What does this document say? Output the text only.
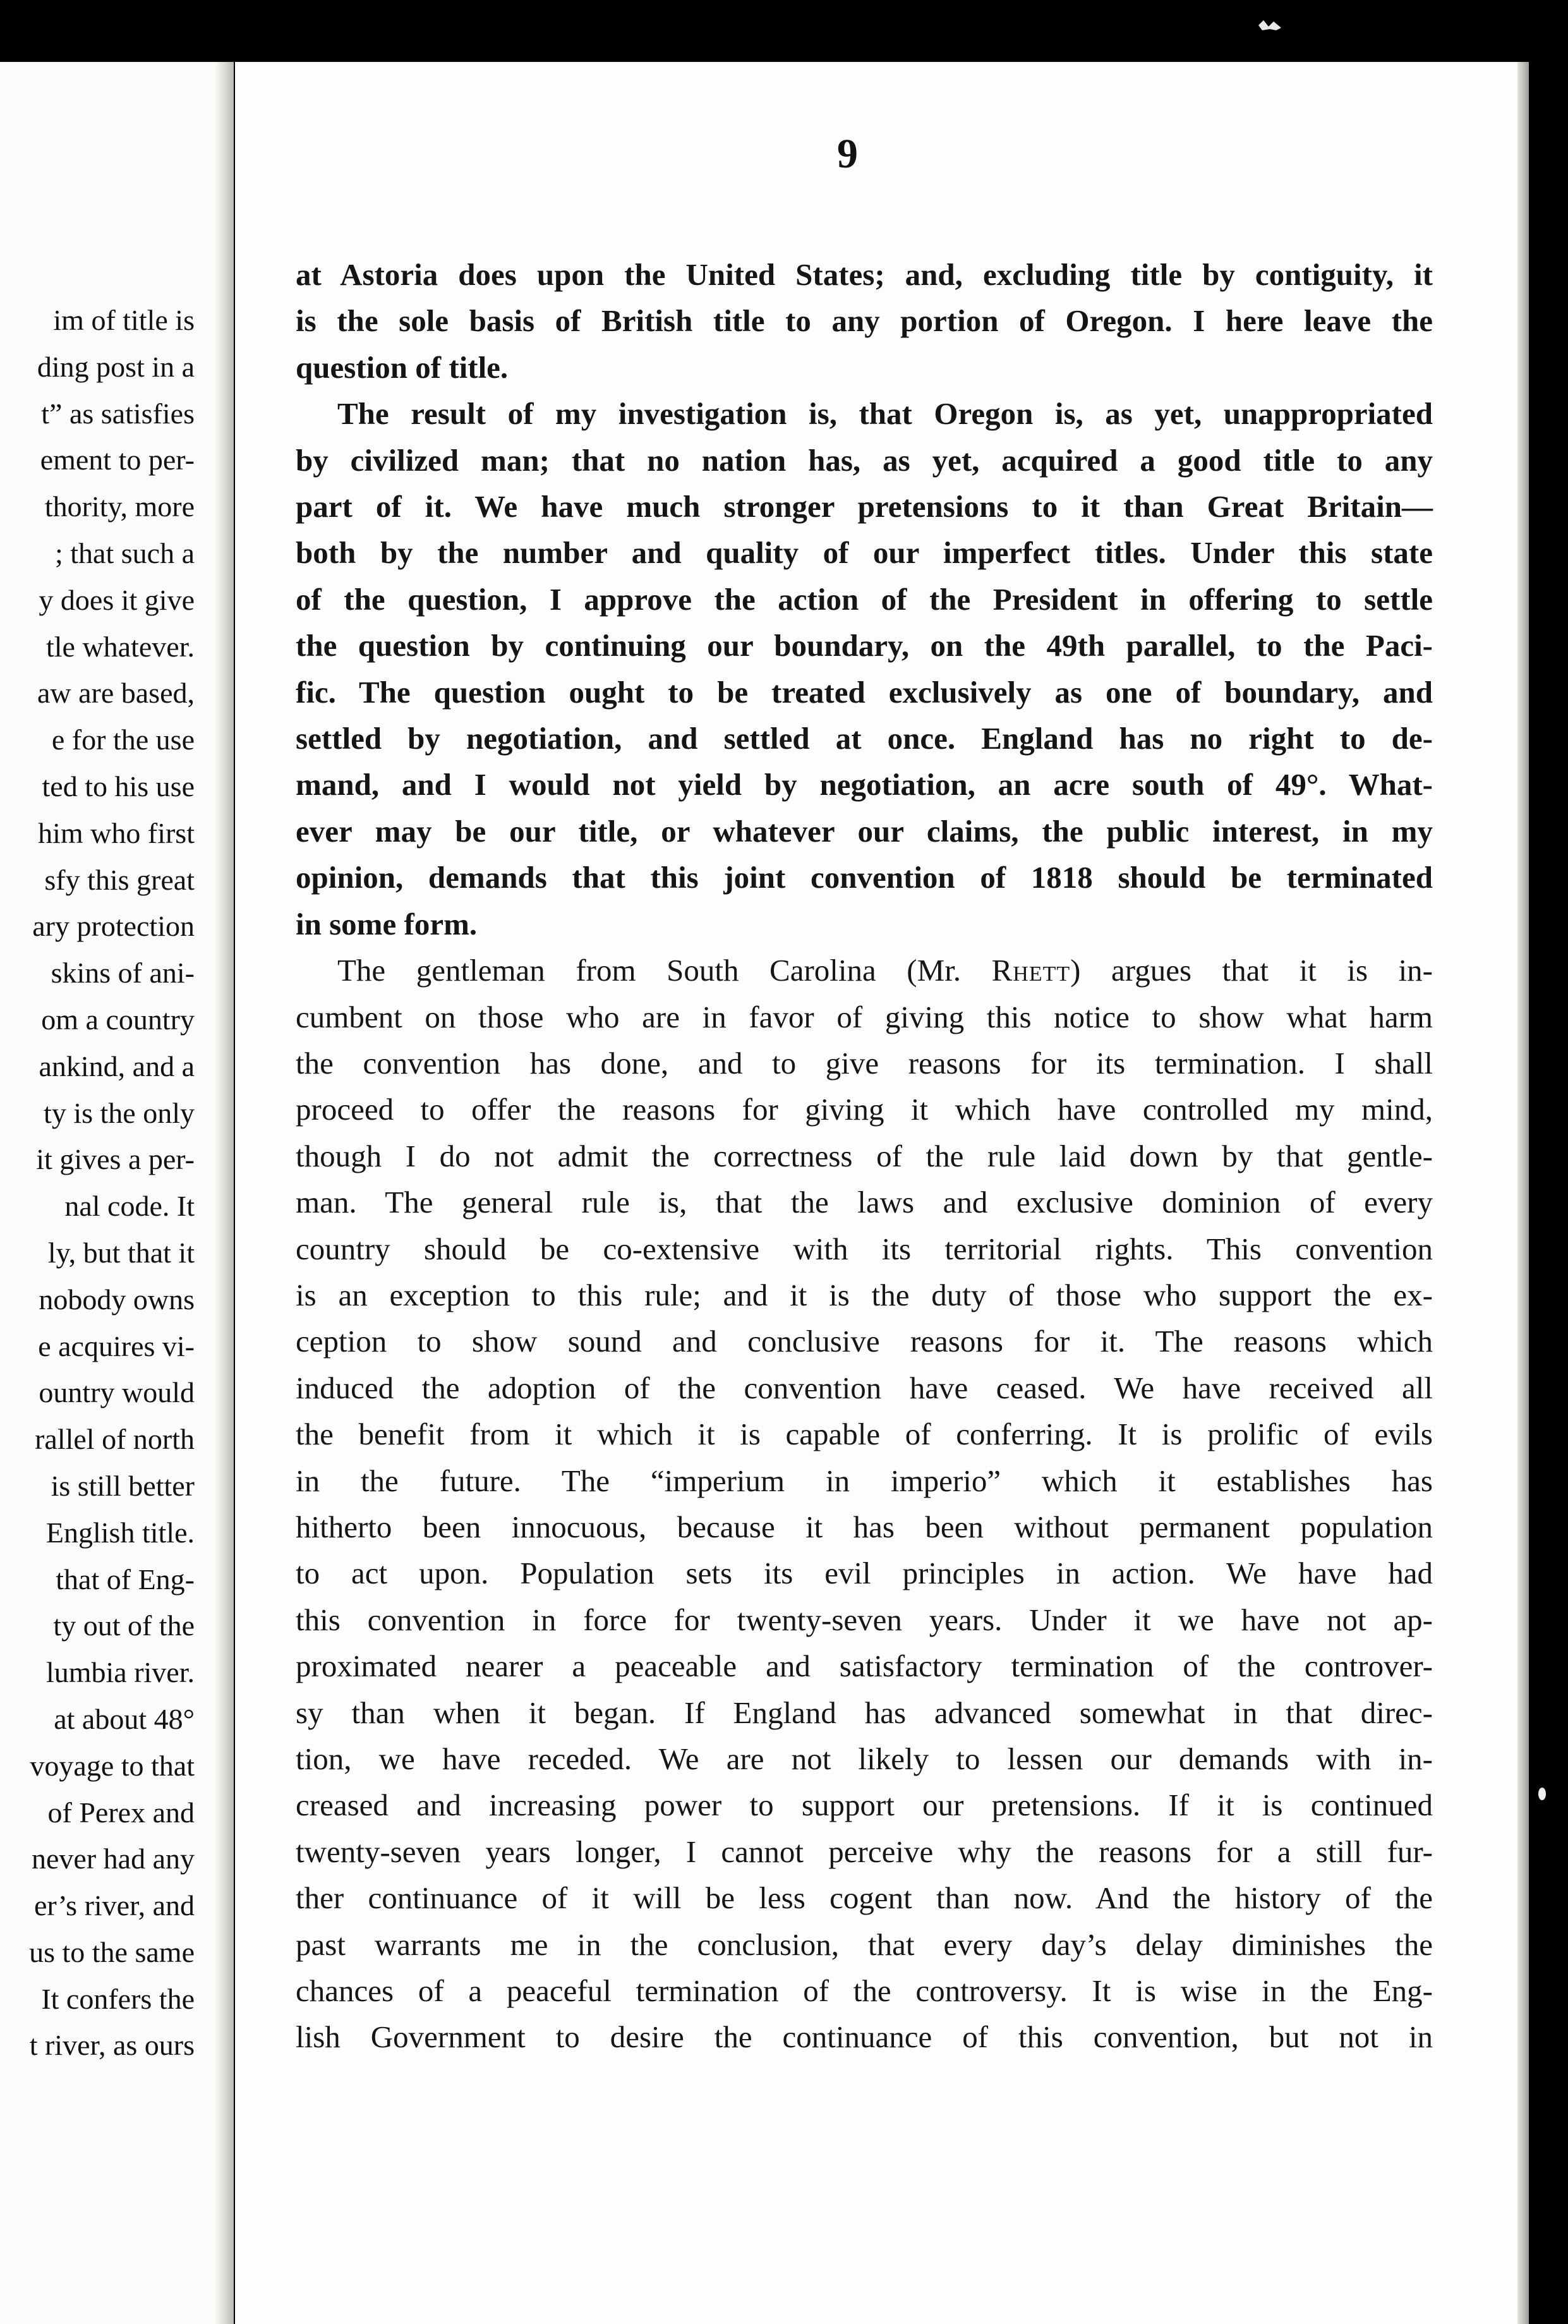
im of title is
ding post in a
t” as satisfies
ement to per-
thority, more
; that such a
y does it give
tle whatever.
aw are based,
e for the use
ted to his use
him who first
sfy this great
ary protection
skins of ani-
om a country
ankind, and a
ty is the only
it gives a per-
nal code. It
ly, but that it
nobody owns
e acquires vi-
ountry would
rallel of north
is still better
English title.
that of Eng-
ty out of the
lumbia river.
at about 48°
voyage to that
of Perex and
never had any
er’s river, and
us to the same
It confers the
t river, as ours
9
at Astoria does upon the United States; and, excluding title by contiguity, it
is the sole basis of British title to any portion of Oregon. I here leave the
question of title.
The result of my investigation is, that Oregon is, as yet, unappropriated
by civilized man; that no nation has, as yet, acquired a good title to any
part of it. We have much stronger pretensions to it than Great Britain—
both by the number and quality of our imperfect titles. Under this state
of the question, I approve the action of the President in offering to settle
the question by continuing our boundary, on the 49th parallel, to the Paci-
fic. The question ought to be treated exclusively as one of boundary, and
settled by negotiation, and settled at once. England has no right to de-
mand, and I would not yield by negotiation, an acre south of 49°. What-
ever may be our title, or whatever our claims, the public interest, in my
opinion, demands that this joint convention of 1818 should be terminated
in some form.
The gentleman from South Carolina (Mr. Rhett) argues that it is in-
cumbent on those who are in favor of giving this notice to show what harm
the convention has done, and to give reasons for its termination. I shall
proceed to offer the reasons for giving it which have controlled my mind,
though I do not admit the correctness of the rule laid down by that gentle-
man. The general rule is, that the laws and exclusive dominion of every
country should be co-extensive with its territorial rights. This convention
is an exception to this rule; and it is the duty of those who support the ex-
ception to show sound and conclusive reasons for it. The reasons which
induced the adoption of the convention have ceased. We have received all
the benefit from it which it is capable of conferring. It is prolific of evils
in the future. The “imperium in imperio” which it establishes has
hitherto been innocuous, because it has been without permanent population
to act upon. Population sets its evil principles in action. We have had
this convention in force for twenty-seven years. Under it we have not ap-
proximated nearer a peaceable and satisfactory termination of the controver-
sy than when it began. If England has advanced somewhat in that direc-
tion, we have receded. We are not likely to lessen our demands with in-
creased and increasing power to support our pretensions. If it is continued
twenty-seven years longer, I cannot perceive why the reasons for a still fur-
ther continuance of it will be less cogent than now. And the history of the
past warrants me in the conclusion, that every day’s delay diminishes the
chances of a peaceful termination of the controversy. It is wise in the Eng-
lish Government to desire the continuance of this convention, but not in
